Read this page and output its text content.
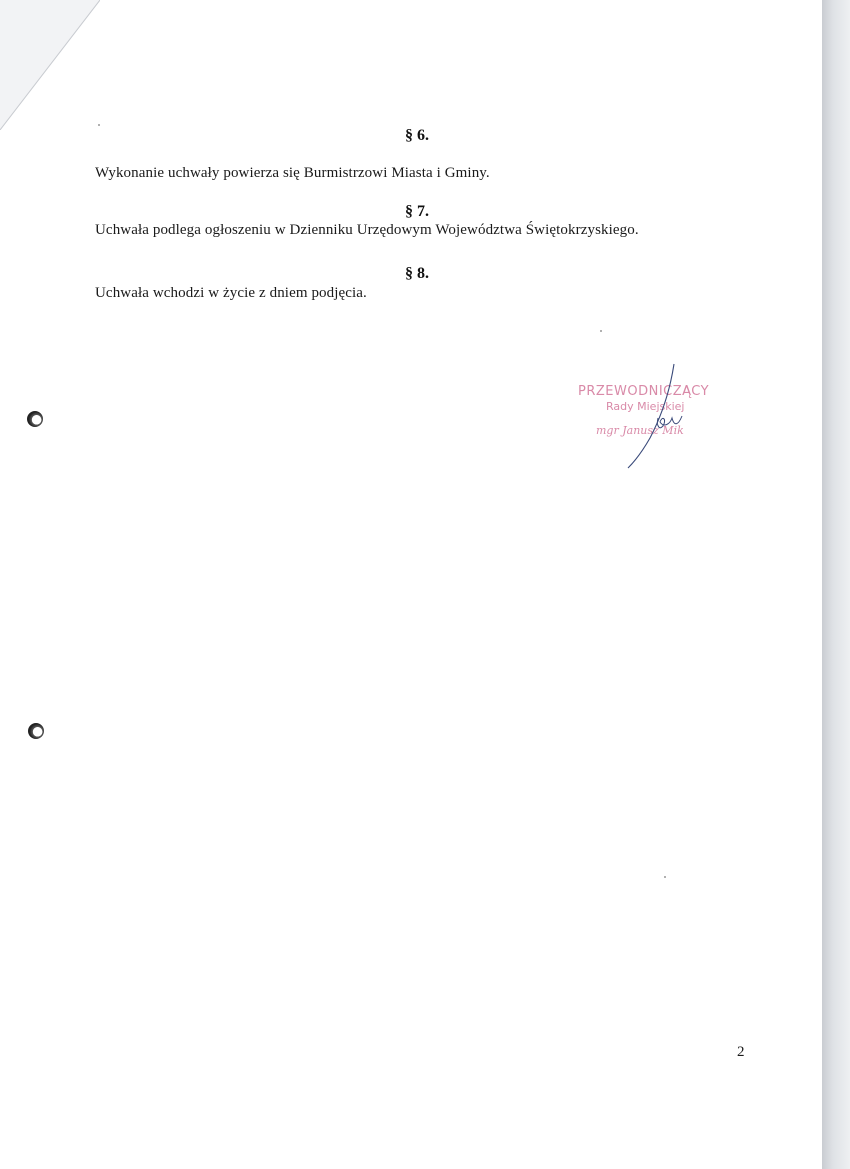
§ 6.
Wykonanie uchwały powierza się Burmistrzowi Miasta i Gminy.
§ 7.
Uchwała podlega ogłoszeniu w Dzienniku Urzędowym Województwa Świętokrzyskiego.
§ 8.
Uchwała wchodzi w życie z dniem podjęcia.
PRZEWODNICZĄCY
Rady Miejskiej
mgr Janusz Mik
2
